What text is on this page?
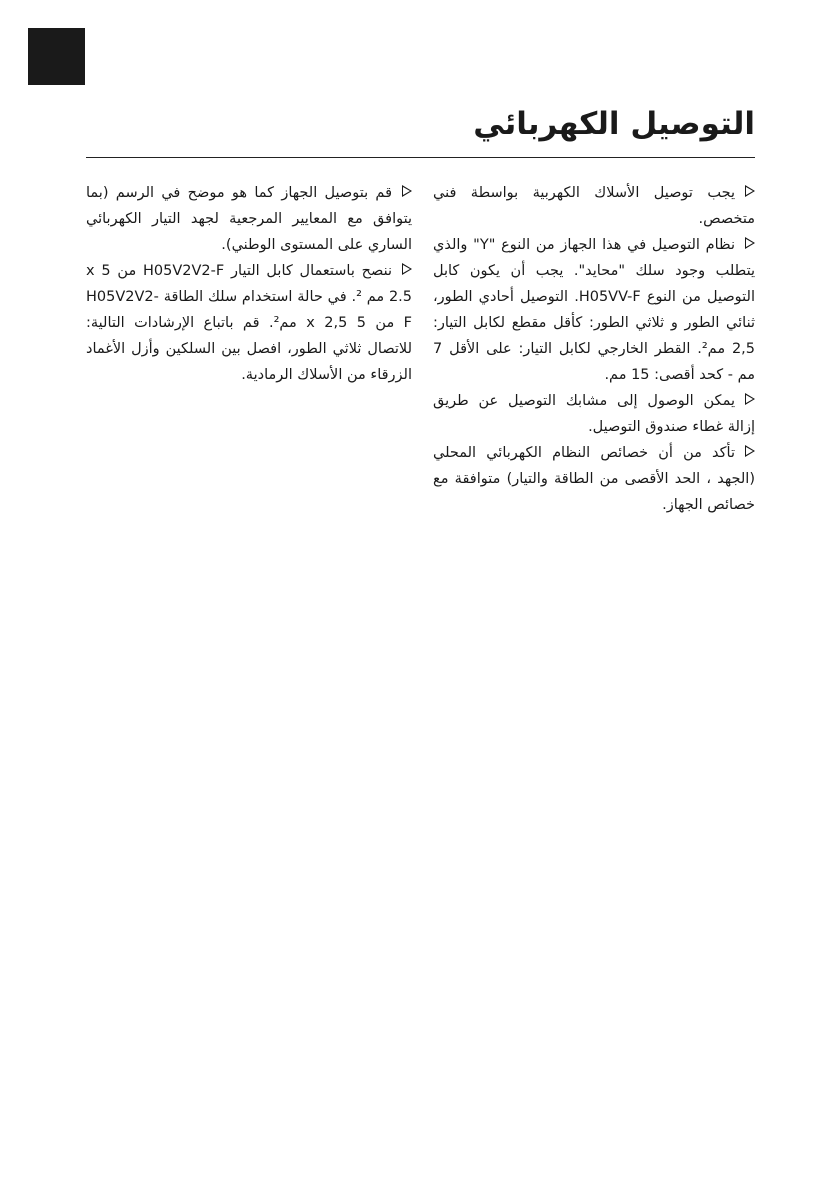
التوصيل الكهربائي

يجب توصيل الأسلاك الكهربية بواسطة فني متخصص.

نظام التوصيل في هذا الجهاز من النوع "Y" والذي يتطلب وجود سلك "محايد". يجب أن يكون كابل التوصيل من النوع H05VV-F. التوصيل أحادي الطور، ثنائي الطور و ثلاثي الطور: كأقل مقطع لكابل التيار: 2,5 مم². القطر الخارجي لكابل التيار: على الأقل 7 مم - كحد أقصى: 15 مم.

يمكن الوصول إلى مشابك التوصيل عن طريق إزالة غطاء صندوق التوصيل.

تأكد من أن خصائص النظام الكهربائي المحلي (الجهد ، الحد الأقصى من الطاقة والتيار) متوافقة مع خصائص الجهاز.

قم بتوصيل الجهاز كما هو موضح في الرسم (بما يتوافق مع المعايير المرجعية لجهد التيار الكهربائي الساري على المستوى الوطني).

ننصح باستعمال كابل التيار H05V2V2-F من 5 x 2.5 مم ². في حالة استخدام سلك الطاقة H05V2V2-F من 5 x 2,5 مم². قم باتباع الإرشادات التالية: للاتصال ثلاثي الطور، افصل بين السلكين وأزل الأغماد الزرقاء من الأسلاك الرمادية.
